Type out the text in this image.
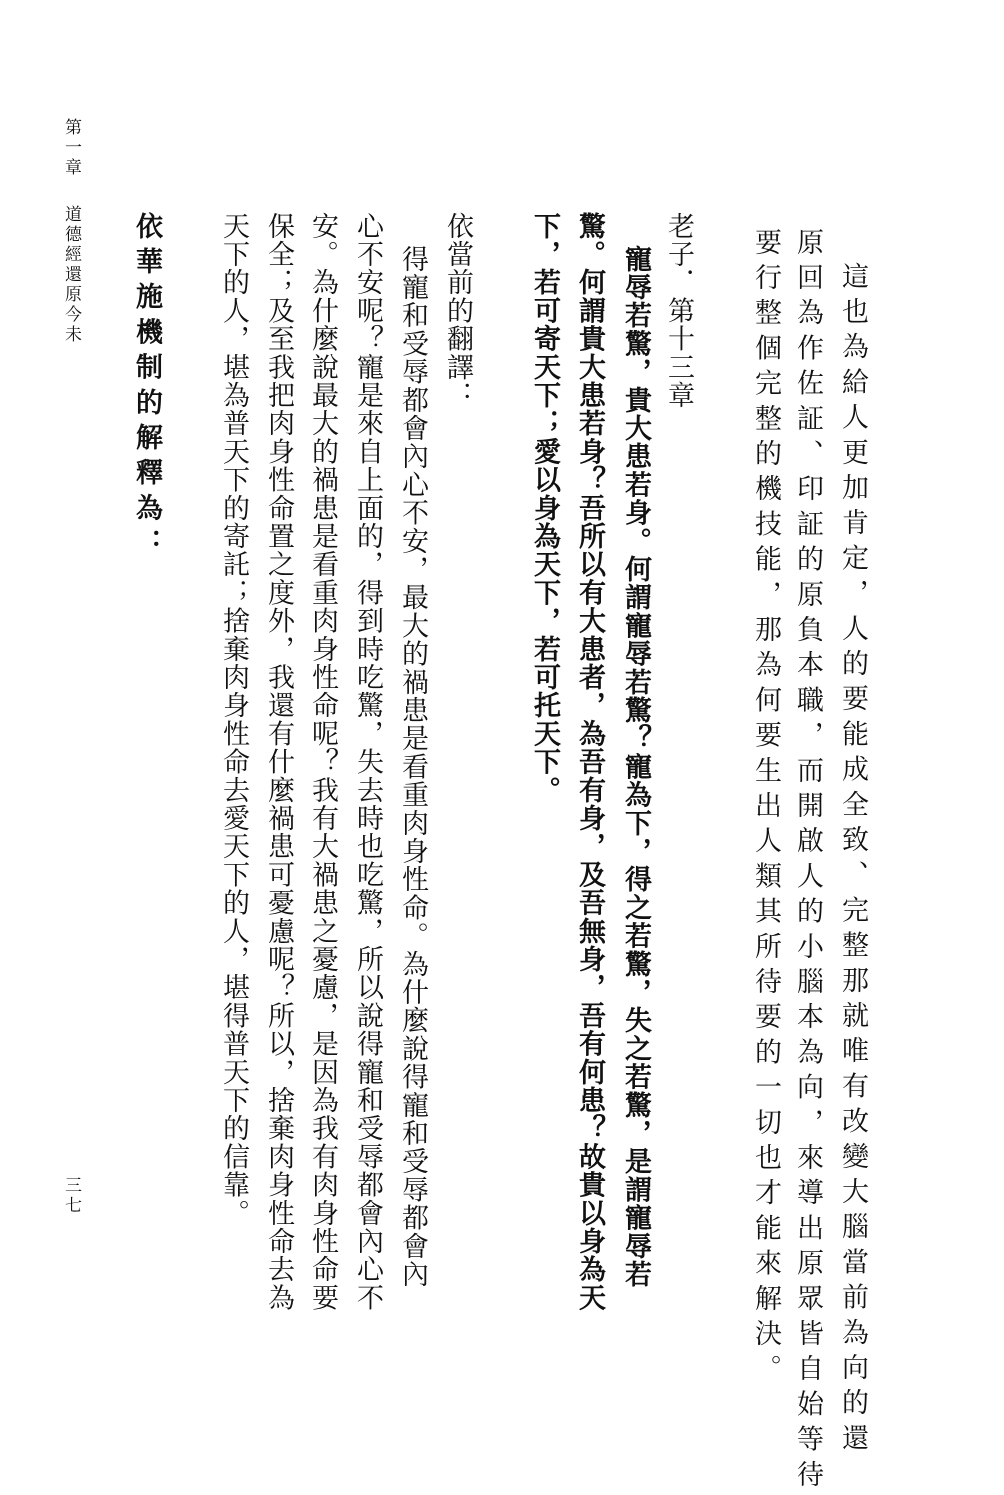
第一章
道德經還原今未
三七	這也為給人更加肯定，人的要能成全致、完整那就唯有改變大腦當前為向的還
原回為作佐証、印証的原負本職，而開啟人的小腦本為向，來導出原眾皆自始等待
要行整個完整的機技能，那為何要生出人類其所待要的一切也才能來解決。
老子．第十三章
寵辱若驚，貴大患若身。何謂寵辱若驚？寵為下，得之若驚，失之若驚，是謂寵辱若
驚。何謂貴大患若身？吾所以有大患者，為吾有身，及吾無身，吾有何患？故貴以身為天
下，若可寄天下；愛以身為天下，若可托天下。
依當前的翻譯：
得寵和受辱都會內心不安，最大的禍患是看重肉身性命。為什麼說得寵和受辱都會內
心不安呢？寵是來自上面的，得到時吃驚，失去時也吃驚，所以說得寵和受辱都會內心不
安。為什麼說最大的禍患是看重肉身性命呢？我有大禍患之憂慮，是因為我有肉身性命要
保全；及至我把肉身性命置之度外，我還有什麼禍患可憂慮呢？所以，捨棄肉身性命去為
天下的人，堪為普天下的寄託；捨棄肉身性命去愛天下的人，堪得普天下的信靠。
依華施機制的解釋為：
